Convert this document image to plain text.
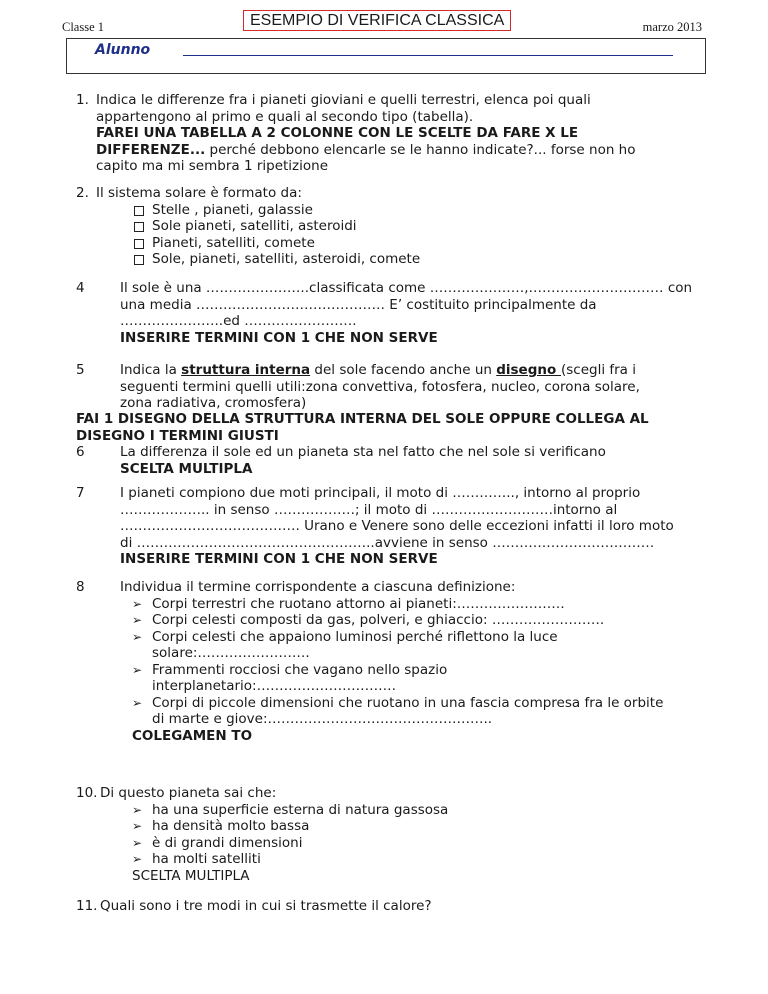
Classe 1	ESEMPIO DI VERIFICA CLASSICA	marzo 2013
Alunno
1. Indica le differenze fra i pianeti gioviani e quelli terrestri, elenca poi quali
appartengono al primo e quali al secondo tipo (tabella).
FAREI UNA TABELLA A 2 COLONNE CON LE SCELTE DA FARE X LE
DIFFERENZE... perché debbono elencarle se le hanno indicate?... forse non ho
capito ma mi sembra 1 ripetizione
2. Il sistema solare è formato da:
Stelle , pianeti, galassie
Sole pianeti, satelliti, asteroidi
Pianeti, satelliti, comete
Sole, pianeti, satelliti, asteroidi, comete
4	Il sole è una …………………..classificata come …………………,………………………… con
una media …………………………………… E’ costituito principalmente da
…………………..ed …………………….
INSERIRE TERMINI CON 1 CHE NON SERVE
5	Indica la struttura interna del sole facendo anche un disegno (scegli fra i
seguenti termini quelli utili:zona convettiva, fotosfera, nucleo, corona solare,
zona radiativa, cromosfera)
FAI 1 DISEGNO DELLA STRUTTURA INTERNA DEL SOLE OPPURE COLLEGA AL
DISEGNO I TERMINI GIUSTI
6	La differenza il sole ed un pianeta sta nel fatto che nel sole si verificano
SCELTA MULTIPLA
7	I pianeti compiono due moti principali, il moto di ………….., intorno al proprio
……………….. in senso ………………; il moto di ………………………intorno al
…………………………………. Urano e Venere sono delle eccezioni infatti il loro moto
di ……………………………………………..avviene in senso ………………………………
INSERIRE TERMINI CON 1 CHE NON SERVE
8	Individua il termine corrispondente a ciascuna definizione:
➢ Corpi terrestri che ruotano attorno ai pianeti:……………………
➢ Corpi celesti composti da gas, polveri, e ghiaccio: …………………….
➢ Corpi celesti che appaiono luminosi perché riflettono la luce
solare:…………………….
➢ Frammenti rocciosi che vagano nello spazio
interplanetario:………………………….
➢ Corpi di piccole dimensioni che ruotano in una fascia compresa fra le orbite
di marte e giove:…………………………………………..
COLEGAMEN TO
10. Di questo pianeta sai che:
➢ ha una superficie esterna di natura gassosa
➢ ha densità molto bassa
➢ è di grandi dimensioni
➢ ha molti satelliti
SCELTA MULTIPLA
11. Quali sono i tre modi in cui si trasmette il calore?
